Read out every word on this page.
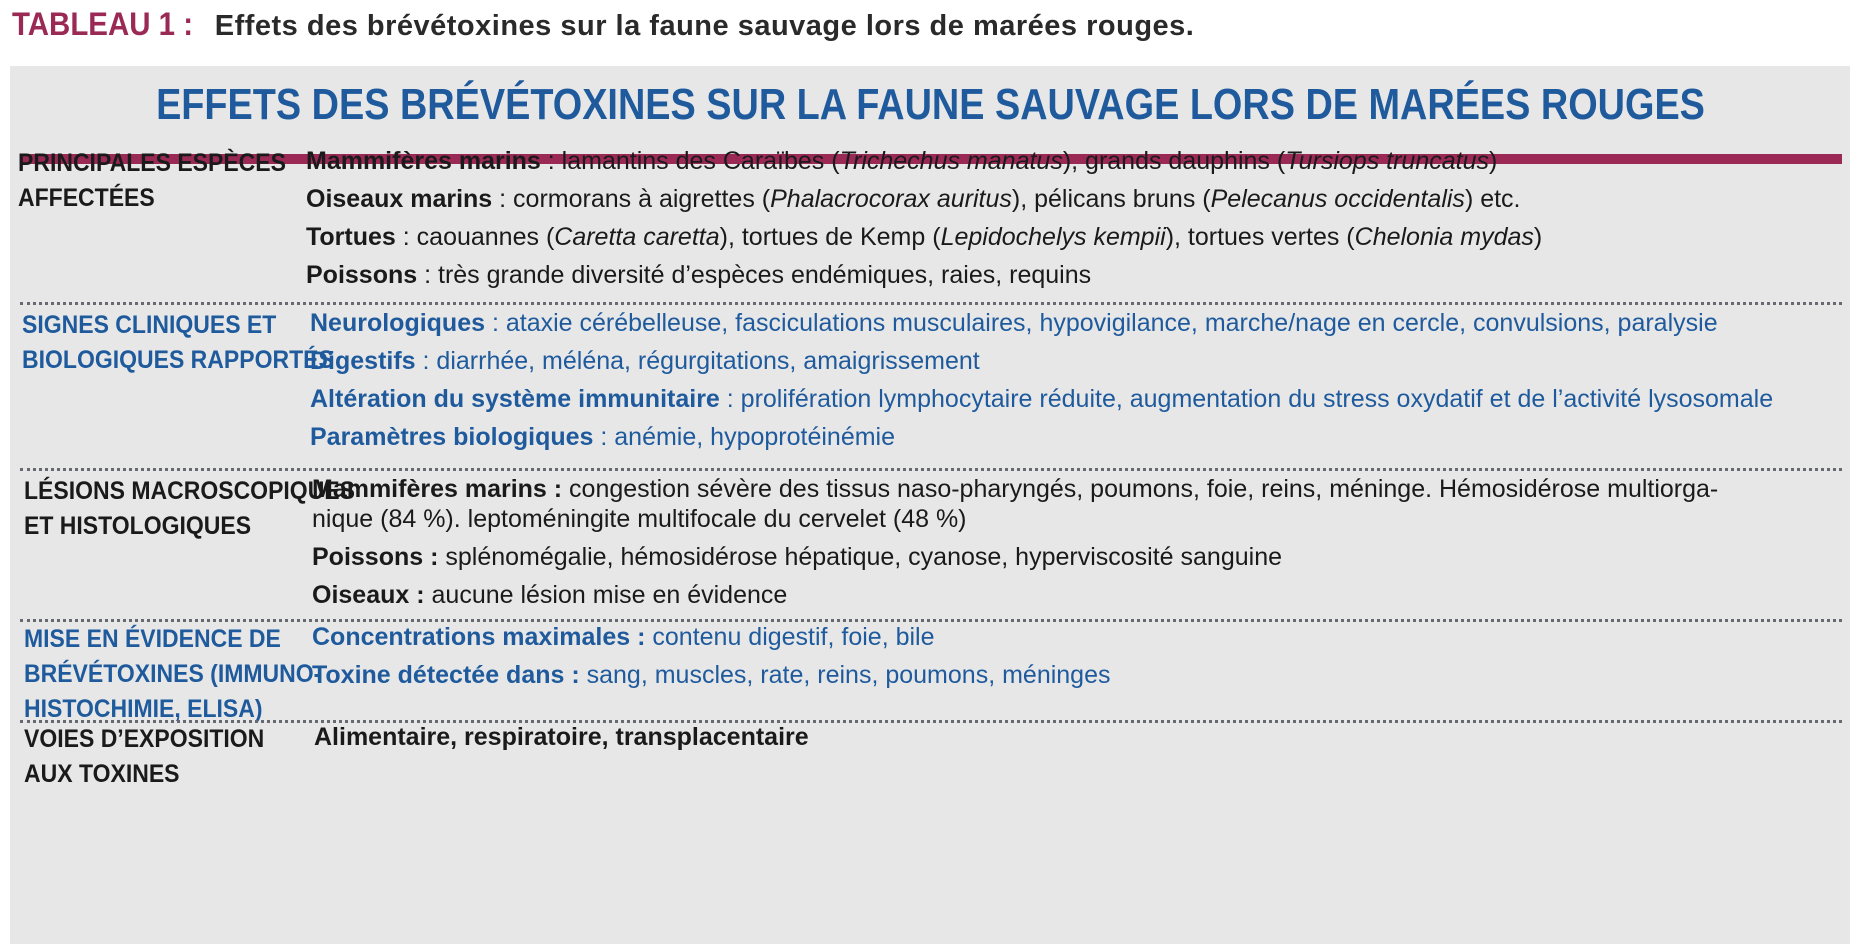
TABLEAU 1 : Effets des brévétoxines sur la faune sauvage lors de marées rouges.
EFFETS DES BRÉVÉTOXINES SUR LA FAUNE SAUVAGE LORS DE MARÉES ROUGES
PRINCIPALES ESPÈCES
AFFECTÉES
Mammifères marins : lamantins des Caraïbes (Trichechus manatus), grands dauphins (Tursiops truncatus)
Oiseaux marins : cormorans à aigrettes (Phalacrocorax auritus), pélicans bruns (Pelecanus occidentalis) etc.
Tortues : caouannes (Caretta caretta), tortues de Kemp (Lepidochelys kempii), tortues vertes (Chelonia mydas)
Poissons : très grande diversité d’espèces endémiques, raies, requins
SIGNES CLINIQUES ET
BIOLOGIQUES RAPPORTÉS
Neurologiques : ataxie cérébelleuse, fasciculations musculaires, hypovigilance, marche/nage en cercle, convulsions, paralysie
Digestifs : diarrhée, méléna, régurgitations, amaigrissement
Altération du système immunitaire : prolifération lymphocytaire réduite, augmentation du stress oxydatif et de l’activité lysosomale
Paramètres biologiques : anémie, hypoprotéinémie
LÉSIONS MACROSCOPIQUES
ET HISTOLOGIQUES
Mammifères marins : congestion sévère des tissus naso-pharyngés, poumons, foie, reins, méninge. Hémosidérose multiorga-
nique (84 %). leptoméningite multifocale du cervelet (48 %)
Poissons : splénomégalie, hémosidérose hépatique, cyanose, hyperviscosité sanguine
Oiseaux : aucune lésion mise en évidence
MISE EN ÉVIDENCE DE
BRÉVÉTOXINES (IMMUNO-
HISTOCHIMIE, ELISA)
Concentrations maximales : contenu digestif, foie, bile
Toxine détectée dans : sang, muscles, rate, reins, poumons, méninges
VOIES D’EXPOSITION
AUX TOXINES
Alimentaire, respiratoire, transplacentaire
